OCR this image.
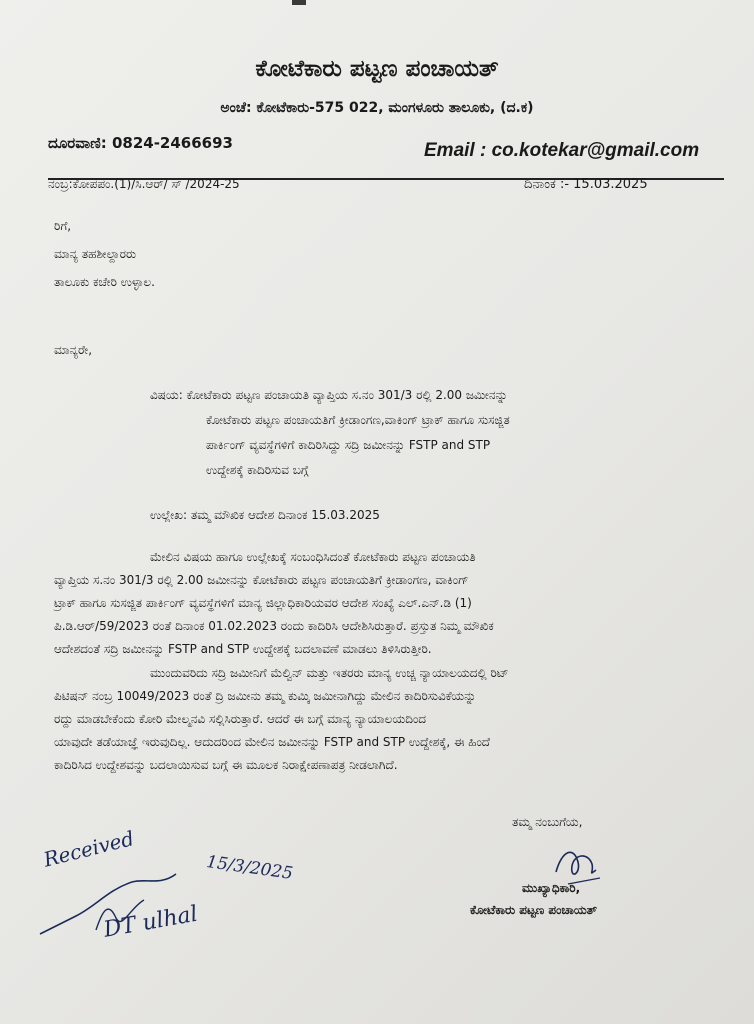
ಕೋಟೆಕಾರು ಪಟ್ಟಣ ಪಂಚಾಯತ್
ಅಂಚೆ: ಕೋಟೆಕಾರು-575 022, ಮಂಗಳೂರು ತಾಲೂಕು, (ದ.ಕ)
ದೂರವಾಣಿ: 0824-2466693	Email : co.kotekar@gmail.com
ನಂಬ್ರ:ಕೋಪಪಂ.(1)/ಸಿ.ಆರ್/ ಸ್ /2024-25	ದಿನಾಂಕ :- 15.03.2025
ರಿಗೆ,
ಮಾನ್ಯ ತಹಶೀಲ್ದಾರರು
ತಾಲೂಕು ಕಚೇರಿ ಉಳ್ಳಾಲ.
ಮಾನ್ಯರೇ,
ವಿಷಯ: ಕೋಟೆಕಾರು ಪಟ್ಟಣ ಪಂಚಾಯತಿ ವ್ಯಾಪ್ತಿಯ ಸ.ನಂ 301/3 ರಲ್ಲಿ 2.00 ಜಮೀನನ್ನು
ಕೋಟೆಕಾರು ಪಟ್ಟಣ ಪಂಚಾಯತಿಗೆ ಕ್ರೀಡಾಂಗಣ,ವಾಕಿಂಗ್ ಟ್ರಾಕ್ ಹಾಗೂ ಸುಸಜ್ಜಿತ
ಪಾರ್ಕಿಂಗ್ ವ್ಯವಸ್ಥೆಗಳಿಗೆ ಕಾದಿರಿಸಿದ್ದು ಸದ್ರಿ ಜಮೀನನ್ನು FSTP and STP
ಉದ್ದೇಶಕ್ಕೆ ಕಾದಿರಿಸುವ ಬಗ್ಗೆ
ಉಲ್ಲೇಖ: ತಮ್ಮ ಮೌಖಿಕ ಆದೇಶ ದಿನಾಂಕ 15.03.2025
ಮೇಲಿನ ವಿಷಯ ಹಾಗೂ ಉಲ್ಲೇಖಕ್ಕೆ ಸಂಬಂಧಿಸಿದಂತೆ ಕೋಟೆಕಾರು ಪಟ್ಟಣ ಪಂಚಾಯತಿ
ವ್ಯಾಪ್ತಿಯ ಸ.ನಂ 301/3 ರಲ್ಲಿ 2.00 ಜಮೀನನ್ನು ಕೋಟೆಕಾರು ಪಟ್ಟಣ ಪಂಚಾಯತಿಗೆ ಕ್ರೀಡಾಂಗಣ, ವಾಕಿಂಗ್
ಟ್ರಾಕ್ ಹಾಗೂ ಸುಸಜ್ಜಿತ ಪಾರ್ಕಿಂಗ್ ವ್ಯವಸ್ಥೆಗಳಿಗೆ ಮಾನ್ಯ ಜಿಲ್ಲಾಧಿಕಾರಿಯವರ ಆದೇಶ ಸಂಖ್ಯೆ ಎಲ್.ಎನ್.ಡಿ (1)
ಪಿ.ಡಿ.ಆರ್/59/2023 ರಂತೆ ದಿನಾಂಕ 01.02.2023 ರಂದು ಕಾದಿರಿಸಿ ಆದೇಶಿಸಿರುತ್ತಾರೆ. ಪ್ರಸ್ತುತ ನಿಮ್ಮ ಮೌಖಿಕ
ಆದೇಶದಂತೆ ಸದ್ರಿ ಜಮೀನನ್ನು FSTP and STP ಉದ್ದೇಶಕ್ಕೆ ಬದಲಾವಣೆ ಮಾಡಲು ತಿಳಿಸಿರುತ್ತೀರಿ.
ಮುಂದುವರಿದು ಸದ್ರಿ ಜಮೀನಿಗೆ ಮೆಲ್ವಿನ್ ಮತ್ತು ಇತರರು ಮಾನ್ಯ ಉಚ್ಚ ನ್ಯಾಯಾಲಯದಲ್ಲಿ ರಿಟ್
ಪಿಟಿಷನ್ ನಂಬ್ರ 10049/2023 ರಂತೆ ದ್ರಿ ಜಮೀನು ತಮ್ಮ ಕುಮ್ಕಿ ಜಮೀನಾಗಿದ್ದು ಮೇಲಿನ ಕಾದಿರಿಸುವಿಕೆಯನ್ನು
ರದ್ದು ಮಾಡಬೇಕೆಂದು ಕೋರಿ ಮೇಲ್ಮನವಿ ಸಲ್ಲಿಸಿರುತ್ತಾರೆ. ಆದರೆ ಈ ಬಗ್ಗೆ ಮಾನ್ಯ ನ್ಯಾಯಾಲಯದಿಂದ
ಯಾವುದೇ ತಡೆಯಾಜ್ಞೆ ಇರುವುದಿಲ್ಲ. ಆದುದರಿಂದ ಮೇಲಿನ ಜಮೀನನ್ನು FSTP and STP ಉದ್ದೇಶಕ್ಕೆ, ಈ ಹಿಂದೆ
ಕಾದಿರಿಸಿದ ಉದ್ದೇಶವನ್ನು ಬದಲಾಯಿಸುವ ಬಗ್ಗೆ ಈ ಮೂಲಕ ನಿರಾಕ್ಷೇಪಣಾಪತ್ರ ನೀಡಲಾಗಿದೆ.
ತಮ್ಮ ನಂಬುಗೆಯ,
ಮುಖ್ಯಾಧಿಕಾರಿ,
ಕೋಟೆಕಾರು ಪಟ್ಟಣ ಪಂಚಾಯತ್
Received	15/3/2025
DT ulhal
